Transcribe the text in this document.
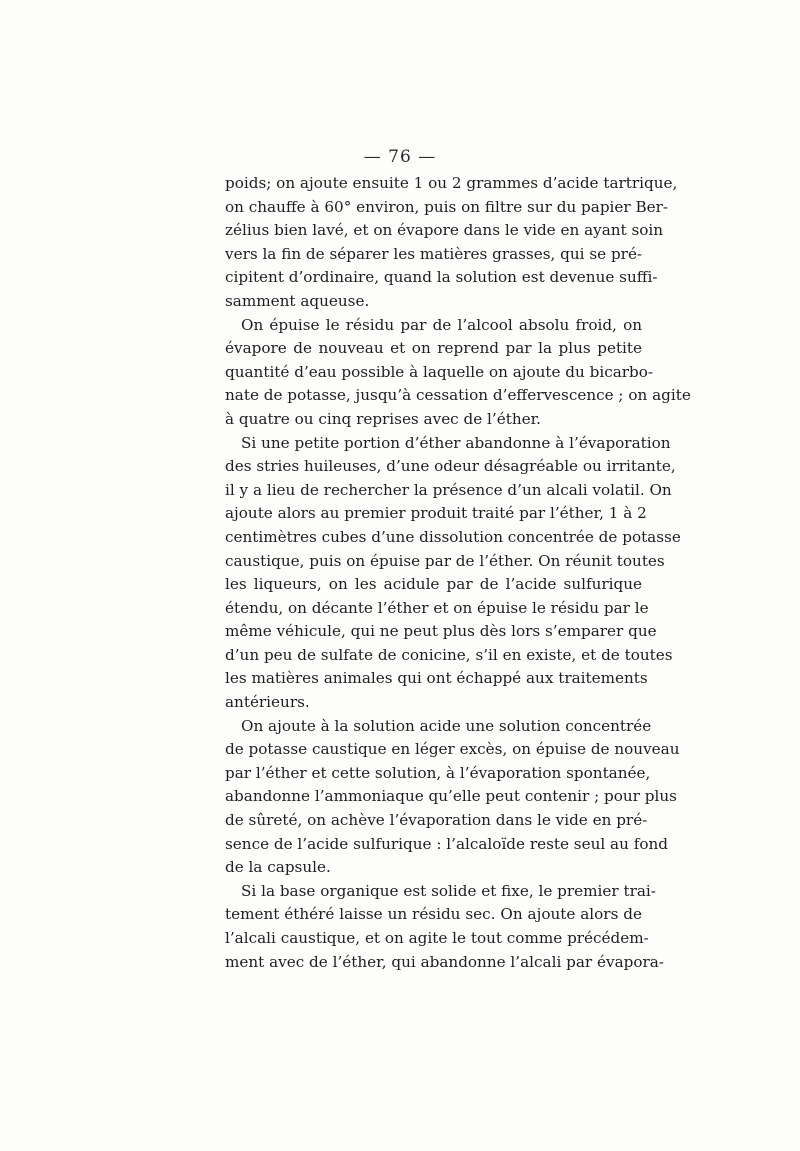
— 76 —
poids; on ajoute ensuite 1 ou 2 grammes d’acide tartrique,
on chauffe à 60° environ, puis on filtre sur du papier Ber-
zélius bien lavé, et on évapore dans le vide en ayant soin
vers la fin de séparer les matières grasses, qui se pré-
cipitent d’ordinaire, quand la solution est devenue suffi-
samment aqueuse.
On épuise le résidu par de l’alcool absolu froid, on
évapore de nouveau et on reprend par la plus petite
quantité d’eau possible à laquelle on ajoute du bicarbo-
nate de potasse, jusqu’à cessation d’effervescence ; on agite
à quatre ou cinq reprises avec de l’éther.
Si une petite portion d’éther abandonne à l’évaporation
des stries huileuses, d’une odeur désagréable ou irritante,
il y a lieu de rechercher la présence d’un alcali volatil. On
ajoute alors au premier produit traité par l’éther, 1 à 2
centimètres cubes d’une dissolution concentrée de potasse
caustique, puis on épuise par de l’éther. On réunit toutes
les liqueurs, on les acidule par de l’acide sulfurique
étendu, on décante l’éther et on épuise le résidu par le
même véhicule, qui ne peut plus dès lors s’emparer que
d’un peu de sulfate de conicine, s’il en existe, et de toutes
les matières animales qui ont échappé aux traitements
antérieurs.
On ajoute à la solution acide une solution concentrée
de potasse caustique en léger excès, on épuise de nouveau
par l’éther et cette solution, à l’évaporation spontanée,
abandonne l’ammoniaque qu’elle peut contenir ; pour plus
de sûreté, on achève l’évaporation dans le vide en pré-
sence de l’acide sulfurique : l’alcaloïde reste seul au fond
de la capsule.
Si la base organique est solide et fixe, le premier trai-
tement éthéré laisse un résidu sec. On ajoute alors de
l’alcali caustique, et on agite le tout comme précédem-
ment avec de l’éther, qui abandonne l’alcali par évapora-
